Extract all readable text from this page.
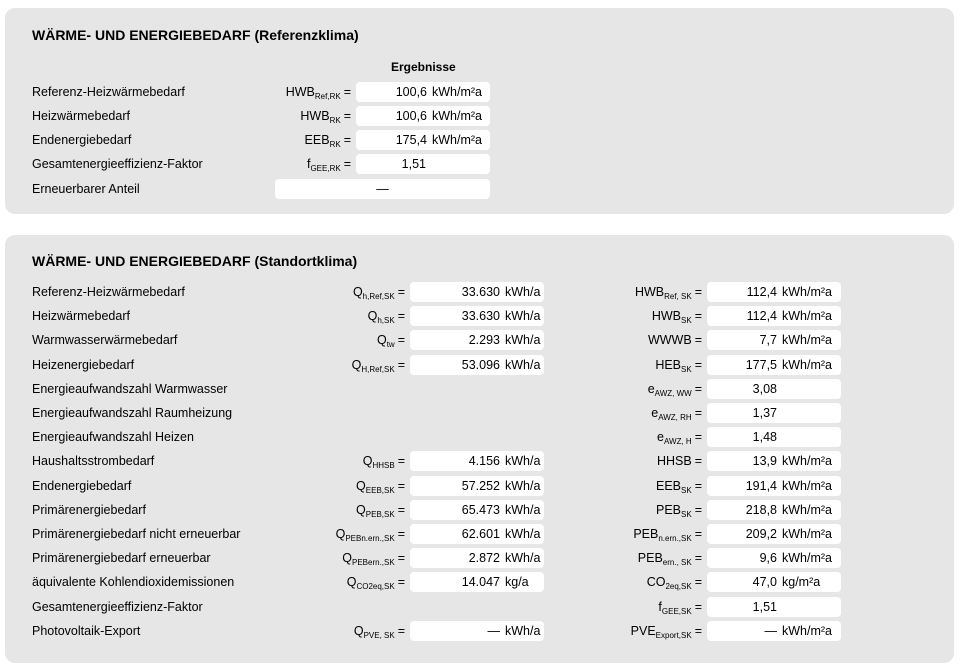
WÄRME- UND ENERGIEBEDARF (Referenzklima)
Ergebnisse
Referenz-Heizwärmebedarf	$HWB_{Ref,RK}$ =	100,6 kWh/m²a
Heizwärmebedarf	$HWB_{RK}$ =	100,6 kWh/m²a
Endenergiebedarf	$EEB_{RK}$ =	175,4 kWh/m²a
Gesamtenergieeffizienz-Faktor	$f_{GEE,RK}$ =	1,51
Erneuerbarer Anteil	—
WÄRME- UND ENERGIEBEDARF (Standortklima)
Referenz-Heizwärmebedarf	$Q_{h,Ref,SK}$ =	33.630 kWh/a	$HWB_{Ref, SK}$ =	112,4 kWh/m²a
Heizwärmebedarf	$Q_{h,SK}$ =	33.630 kWh/a	$HWB_{SK}$ =	112,4 kWh/m²a
Warmwasserwärmebedarf	$Q_{tw}$ =	2.293 kWh/a	WWWB =	7,7 kWh/m²a
Heizenergiebedarf	$Q_{H,Ref,SK}$ =	53.096 kWh/a	$HEB_{SK}$ =	177,5 kWh/m²a
Energieaufwandszahl Warmwasser	$e_{AWZ, WW}$ =	3,08
Energieaufwandszahl Raumheizung	$e_{AWZ, RH}$ =	1,37
Energieaufwandszahl Heizen	$e_{AWZ, H}$ =	1,48
Haushaltsstrombedarf	$Q_{HHSB}$ =	4.156 kWh/a	HHSB =	13,9 kWh/m²a
Endenergiebedarf	$Q_{EEB,SK}$ =	57.252 kWh/a	$EEB_{SK}$ =	191,4 kWh/m²a
Primärenergiebedarf	$Q_{PEB,SK}$ =	65.473 kWh/a	$PEB_{SK}$ =	218,8 kWh/m²a
Primärenergiebedarf nicht erneuerbar	$Q_{PEBn.ern.,SK}$ =	62.601 kWh/a	$PEB_{n.ern.,SK}$ =	209,2 kWh/m²a
Primärenergiebedarf erneuerbar	$Q_{PEBern.,SK}$ =	2.872 kWh/a	$PEB_{ern., SK}$ =	9,6 kWh/m²a
äquivalente Kohlendioxidemissionen	$Q_{CO2eq,SK}$ =	14.047 kg/a	$CO_{2eq,SK}$ =	47,0 kg/m²a
Gesamtenergieeffizienz-Faktor	$f_{GEE,SK}$ =	1,51
Photovoltaik-Export	$Q_{PVE, SK}$ =	— kWh/a	$PVE_{Export,SK}$ =	— kWh/m²a
